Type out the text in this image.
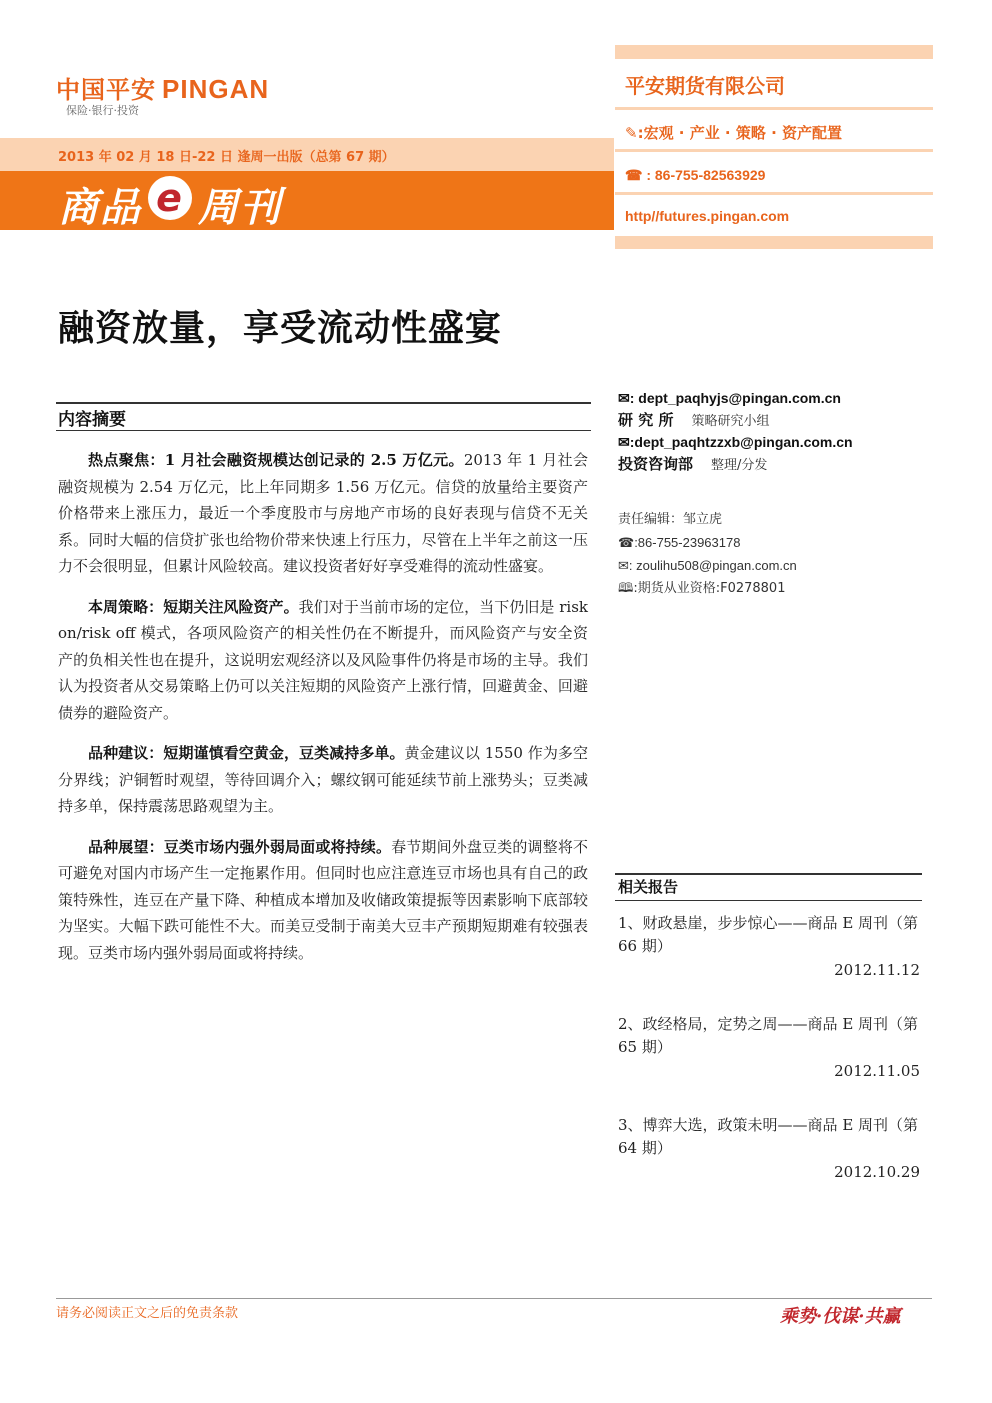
中国平安 PINGAN
保险·银行·投资
2013 年 02 月 18 日-22 日 逢周一出版（总第 67 期）
商品 e 周刊
平安期货有限公司
✎:宏观 · 产业 · 策略 · 资产配置
☎ : 86-755-82563929
http//futures.pingan.com
融资放量，享受流动性盛宴
内容摘要

热点聚焦：1 月社会融资规模达创记录的 2.5 万亿元。2013 年 1 月社会融资规模为 2.54 万亿元，比上年同期多 1.56 万亿元。信贷的放量给主要资产价格带来上涨压力，最近一个季度股市与房地产市场的良好表现与信贷不无关系。同时大幅的信贷扩张也给物价带来快速上行压力，尽管在上半年之前这一压力不会很明显，但累计风险较高。建议投资者好好享受难得的流动性盛宴。

本周策略：短期关注风险资产。我们对于当前市场的定位，当下仍旧是 risk on/risk off 模式，各项风险资产的相关性仍在不断提升，而风险资产与安全资产的负相关性也在提升，这说明宏观经济以及风险事件仍将是市场的主导。我们认为投资者从交易策略上仍可以关注短期的风险资产上涨行情，回避黄金、回避债券的避险资产。

品种建议：短期谨慎看空黄金，豆类减持多单。黄金建议以 1550 作为多空分界线；沪铜暂时观望，等待回调介入；螺纹钢可能延续节前上涨势头；豆类减持多单，保持震荡思路观望为主。

品种展望：豆类市场内强外弱局面或将持续。春节期间外盘豆类的调整将不可避免对国内市场产生一定拖累作用。但同时也应注意连豆市场也具有自己的政策特殊性，连豆在产量下降、种植成本增加及收储政策提振等因素影响下底部较为坚实。大幅下跌可能性不大。而美豆受制于南美大豆丰产预期短期难有较强表现。豆类市场内强外弱局面或将持续。

✉: dept_paqhyjs@pingan.com.cn
研 究 所 策略研究小组
✉:dept_paqhtzzxb@pingan.com.cn
投资咨询部 整理/分发
责任编辑：邹立虎
☎:86-755-23963178
✉: zoulihu508@pingan.com.cn
🕮:期货从业资格:F0278801
相关报告
1、财政悬崖，步步惊心——商品 E 周刊（第 66 期）
2012.11.12
2、政经格局，定势之周——商品 E 周刊（第 65 期）
2012.11.05
3、博弈大选，政策未明——商品 E 周刊（第 64 期）
2012.10.29
请务必阅读正文之后的免责条款	乘势·伐谋·共赢
